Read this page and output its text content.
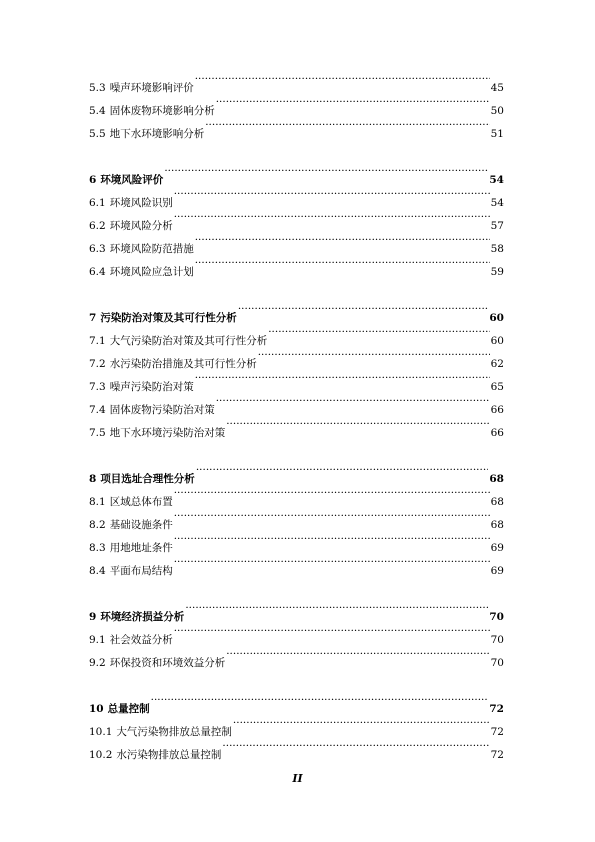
5.3 噪声环境影响评价 ·····	45
5.4 固体废物环境影响分析 ·····	50
5.5 地下水环境影响分析 ·····	51
6 环境风险评价 ·····	54
6.1 环境风险识别 ·····	54
6.2 环境风险分析 ·····	57
6.3 环境风险防范措施 ·····	58
6.4 环境风险应急计划 ·····	59
7 污染防治对策及其可行性分析 ·····	60
7.1 大气污染防治对策及其可行性分析 ·····	60
7.2 水污染防治措施及其可行性分析 ·····	62
7.3 噪声污染防治对策 ·····	65
7.4 固体废物污染防治对策 ·····	66
7.5 地下水环境污染防治对策 ·····	66
8 项目选址合理性分析 ·····	68
8.1 区域总体布置 ·····	68
8.2 基础设施条件 ·····	68
8.3 用地地址条件 ·····	69
8.4 平面布局结构 ·····	69
9 环境经济损益分析 ·····	70
9.1 社会效益分析 ·····	70
9.2 环保投资和环境效益分析 ·····	70
10 总量控制 ·····	72
10.1 大气污染物排放总量控制 ·····	72
10.2 水污染物排放总量控制 ·····	72
II
